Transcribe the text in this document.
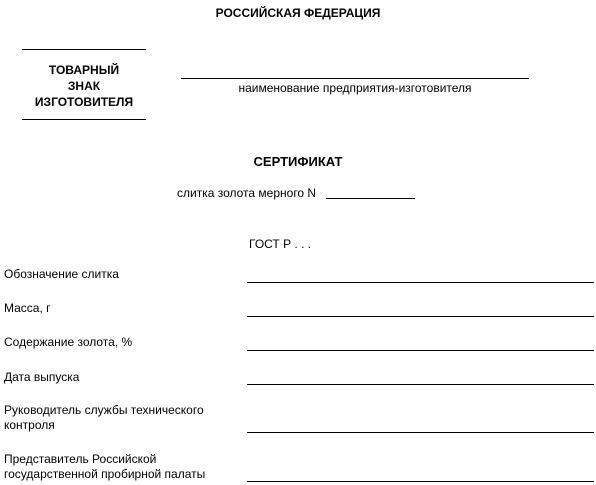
РОССИЙСКАЯ ФЕДЕРАЦИЯ
ТОВАРНЫЙ
ЗНАК
ИЗГОТОВИТЕЛЯ
наименование предприятия-изготовителя
СЕРТИФИКАТ
слитка золота мерного N
ГОСТ Р . . .
Обозначение слитка
Масса, г
Содержание золота, %
Дата выпуска
Руководитель службы технического
контроля
Представитель Российской
государственной пробирной палаты
